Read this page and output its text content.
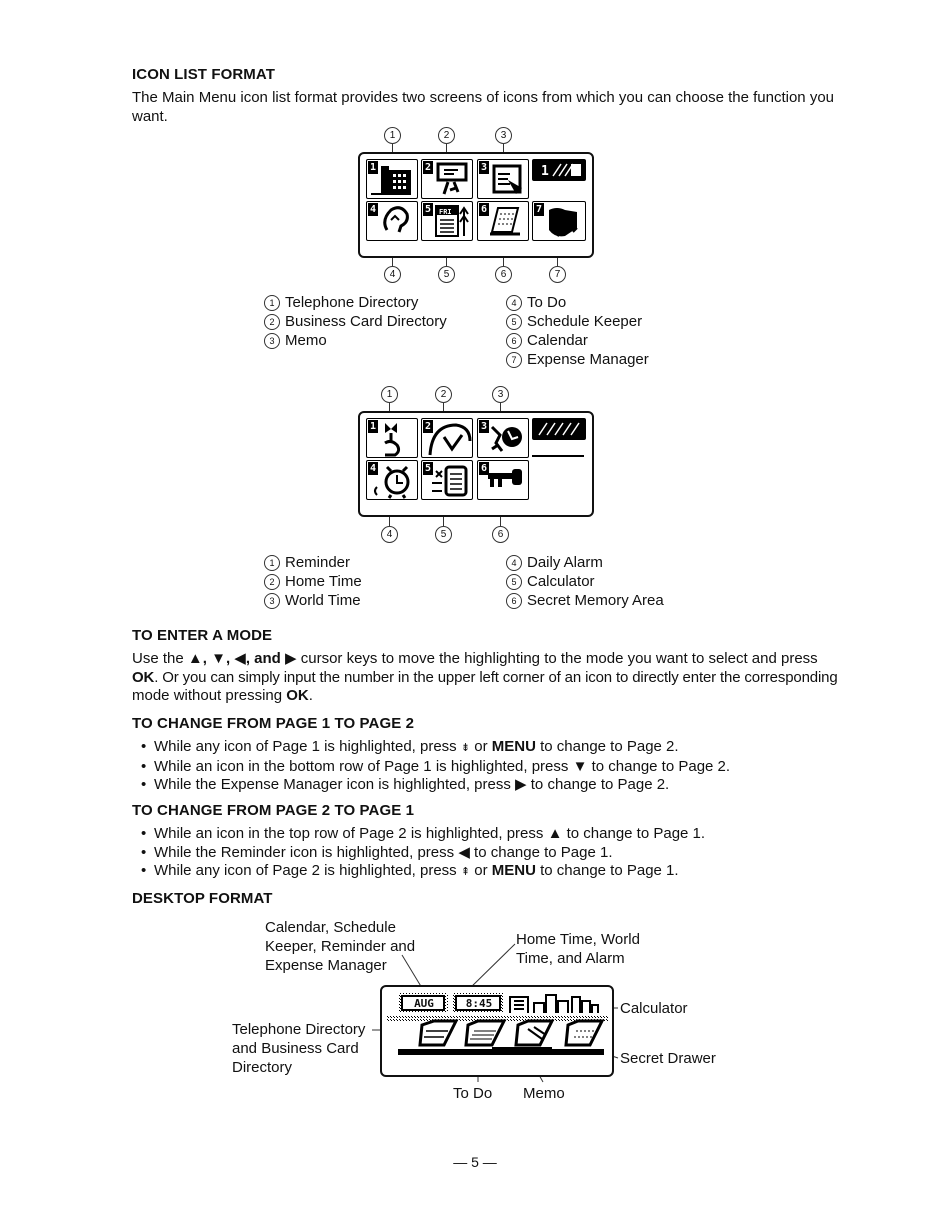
ICON LIST FORMAT
The Main Menu icon list format provides two screens of icons from which you can choose the function you
want.
1	2	3
4	5	6	7
1	2	3	1
4	5 FRI	6	7
1 Telephone Directory
2 Business Card Directory
3 Memo
4 To Do
5 Schedule Keeper
6 Calendar
7 Expense Manager
1	2	3
4	5	6
1	2	3
4	5	6
1 Reminder
2 Home Time
3 World Time
4 Daily Alarm
5 Calculator
6 Secret Memory Area
TO ENTER A MODE
Use the ▲, ▼, ◀, and ▶ cursor keys to move the highlighting to the mode you want to select and press
OK. Or you can simply input the number in the upper left corner of an icon to directly enter the corresponding
mode without pressing OK.
TO CHANGE FROM PAGE 1 TO PAGE 2
• While any icon of Page 1 is highlighted, press ⇟ or MENU to change to Page 2.
• While an icon in the bottom row of Page 1 is highlighted, press ▼ to change to Page 2.
• While the Expense Manager icon is highlighted, press ▶ to change to Page 2.
TO CHANGE FROM PAGE 2 TO PAGE 1
• While an icon in the top row of Page 2 is highlighted, press ▲ to change to Page 1.
• While the Reminder icon is highlighted, press ◀ to change to Page 1.
• While any icon of Page 2 is highlighted, press ⇞ or MENU to change to Page 1.
DESKTOP FORMAT
Calendar, Schedule
Keeper, Reminder and
Expense Manager
Home Time, World
Time, and Alarm
Calculator
Telephone Directory
and Business Card
Directory
Secret Drawer
To Do Memo
AUG	8:45
— 5 —
